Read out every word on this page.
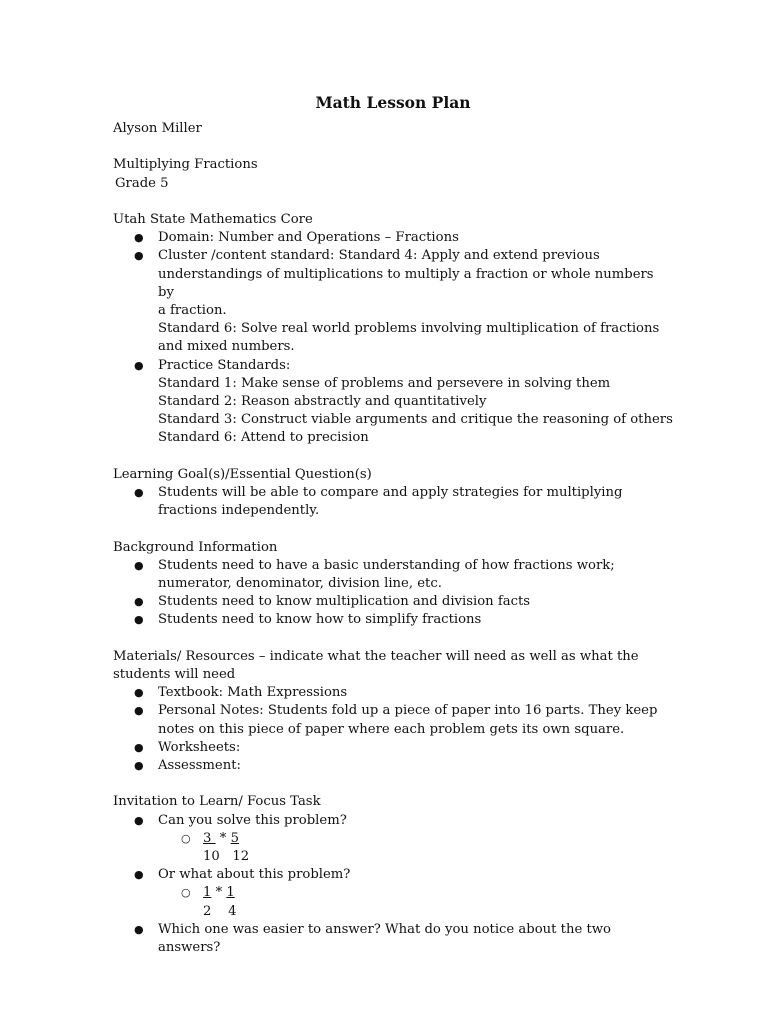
Math Lesson Plan
Alyson Miller
Multiplying Fractions
Grade 5
Utah State Mathematics Core
● Domain: Number and Operations – Fractions
● Cluster /content standard: Standard 4: Apply and extend previous
understandings of multiplications to multiply a fraction or whole numbers by
a fraction.
Standard 6: Solve real world problems involving multiplication of fractions
and mixed numbers.
● Practice Standards:
Standard 1: Make sense of problems and persevere in solving them
Standard 2: Reason abstractly and quantitatively
Standard 3: Construct viable arguments and critique the reasoning of others
Standard 6: Attend to precision
Learning Goal(s)/Essential Question(s)
● Students will be able to compare and apply strategies for multiplying
fractions independently.
Background Information
● Students need to have a basic understanding of how fractions work;
numerator, denominator, division line, etc.
● Students need to know multiplication and division facts
● Students need to know how to simplify fractions
Materials/ Resources – indicate what the teacher will need as well as what the
students will need
● Textbook: Math Expressions
● Personal Notes: Students fold up a piece of paper into 16 parts. They keep
notes on this piece of paper where each problem gets its own square.
● Worksheets:
● Assessment:
Invitation to Learn/ Focus Task
● Can you solve this problem?
○ 3 * 5
10 12
● Or what about this problem?
○ 1 * 1
2 4
● Which one was easier to answer? What do you notice about the two answers?
